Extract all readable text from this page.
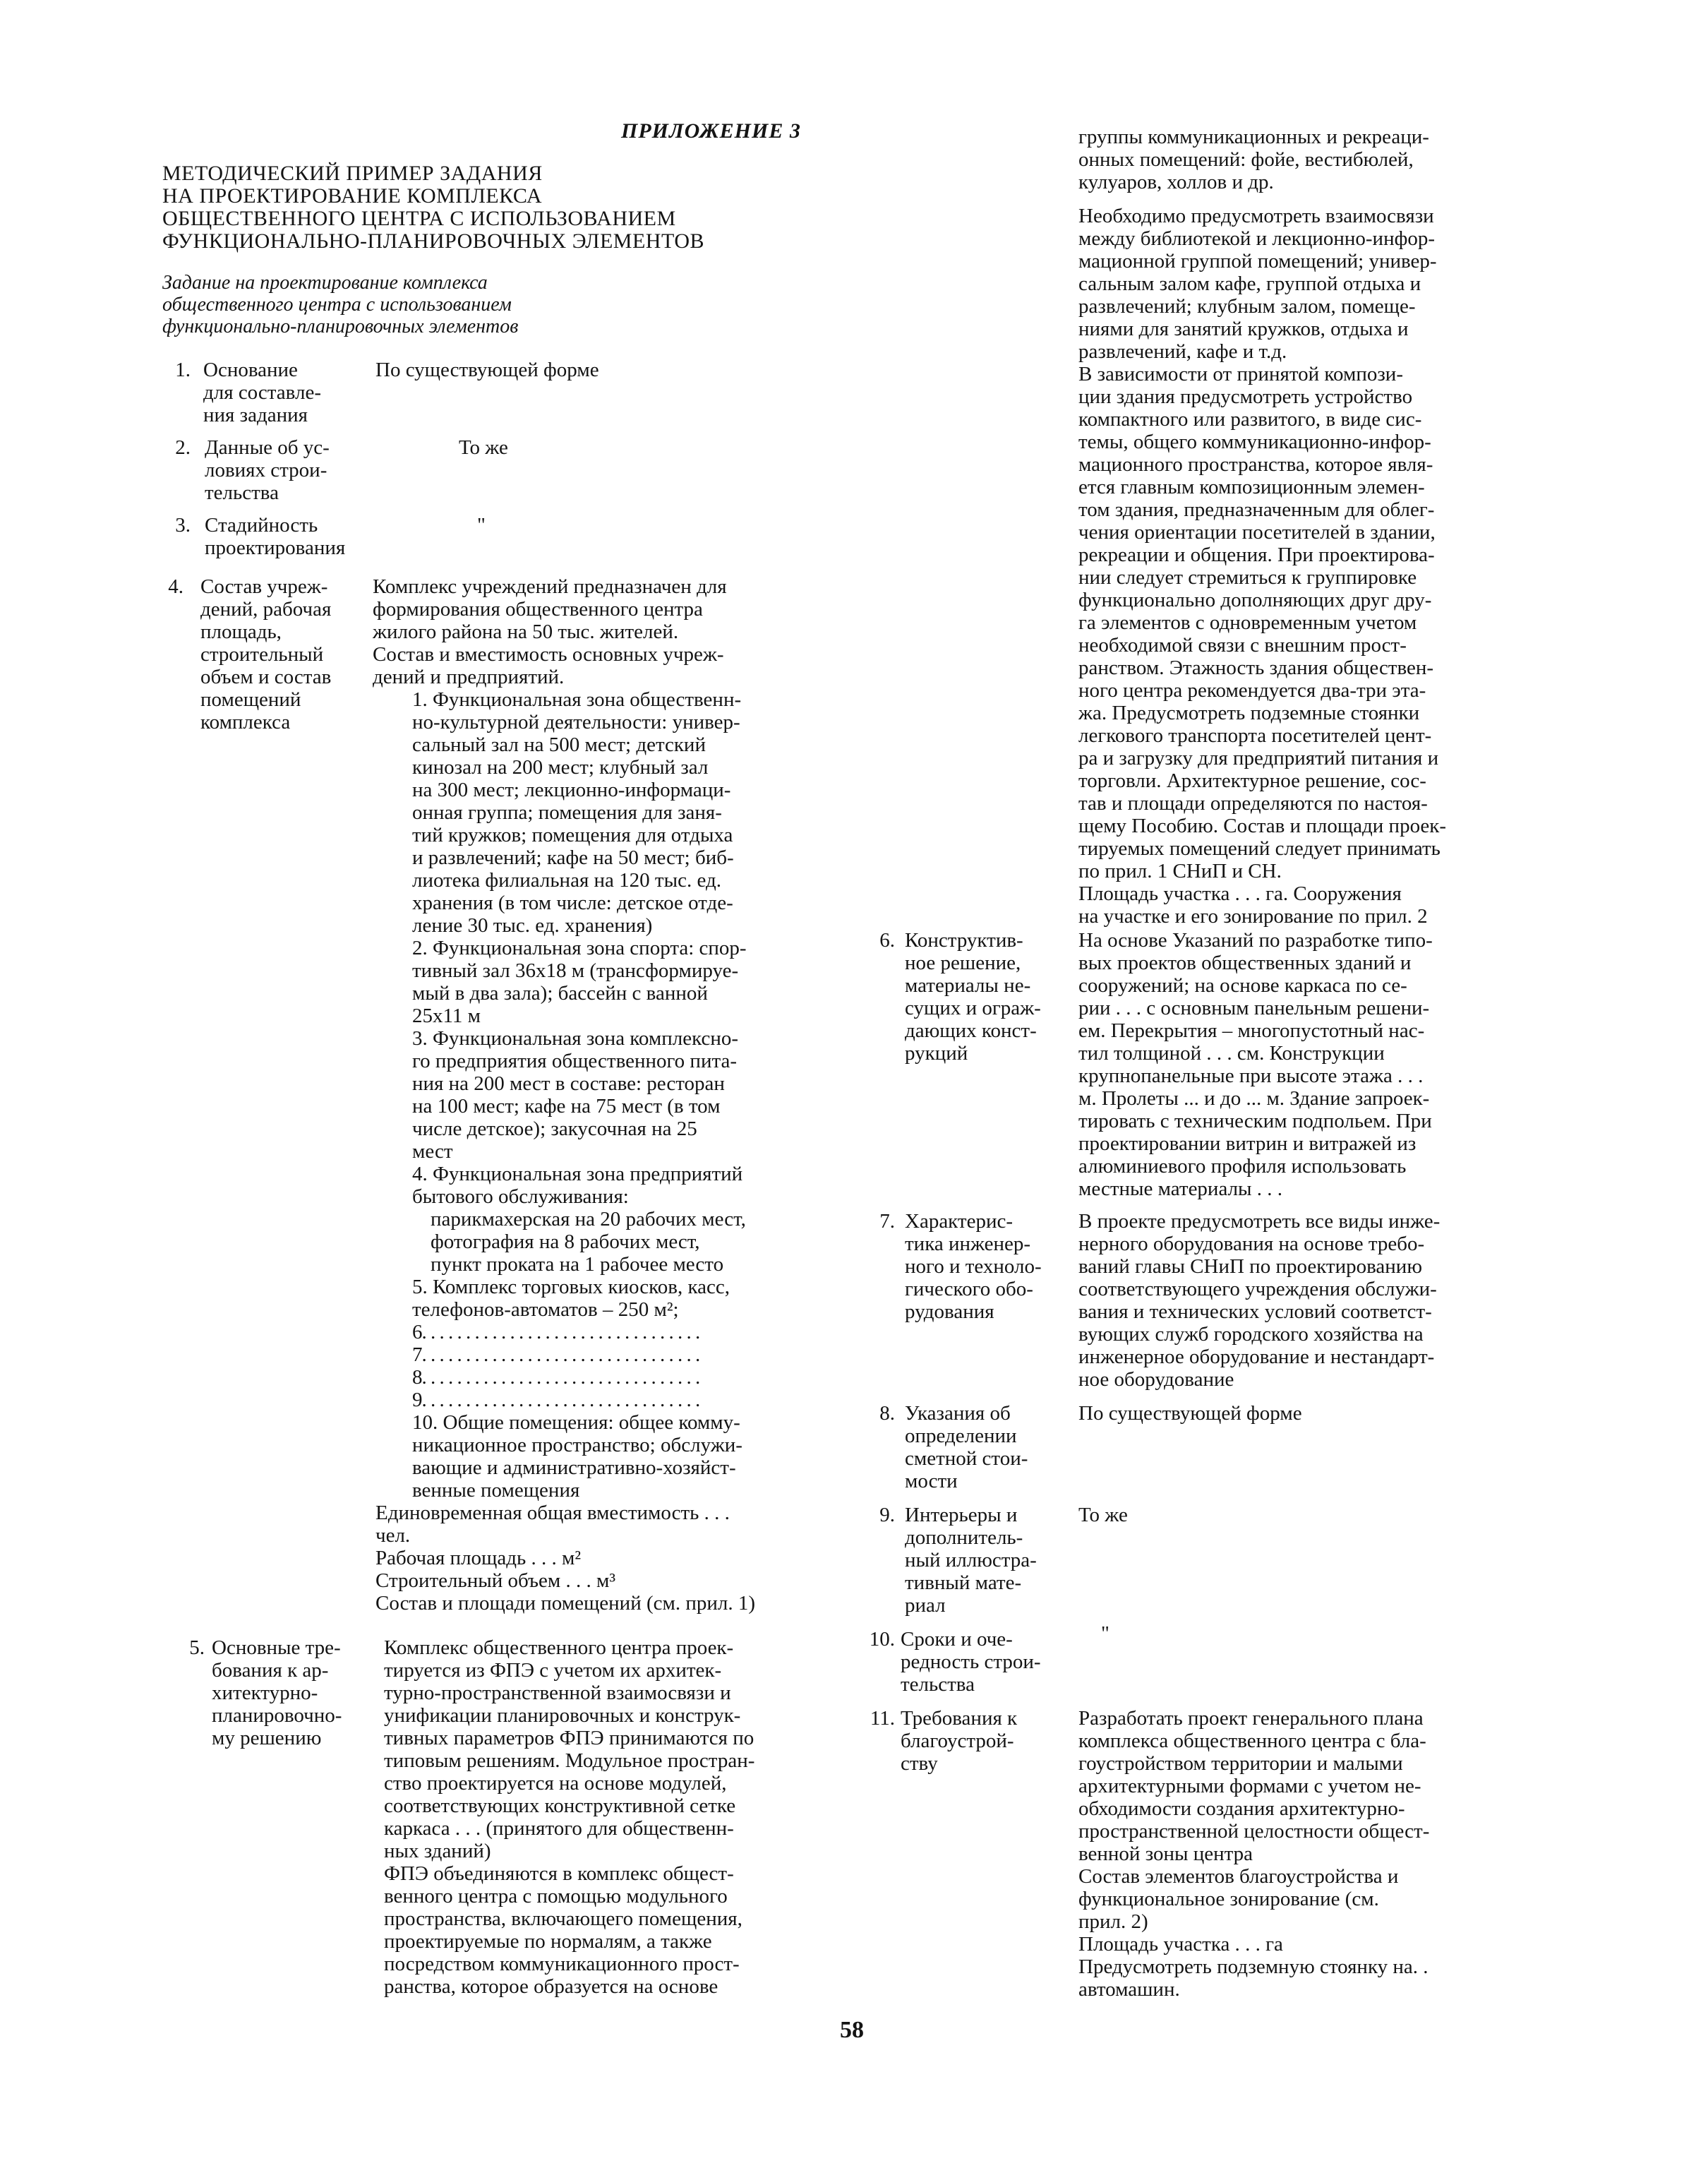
ПРИЛОЖЕНИЕ 3
МЕТОДИЧЕСКИЙ ПРИМЕР ЗАДАНИЯ
НА ПРОЕКТИРОВАНИЕ КОМПЛЕКСА
ОБЩЕСТВЕННОГО ЦЕНТРА С ИСПОЛЬЗОВАНИЕМ
ФУНКЦИОНАЛЬНО-ПЛАНИРОВОЧНЫХ ЭЛЕМЕНТОВ
Задание на проектирование комплекса
общественного центра с использованием
функционально-планировочных элементов
1. Основание
для составле-
ния задания
По существующей форме
2. Данные об ус-
ловиях строи-
тельства
То же
3. Стадийность
проектирования
"
4. Состав учреж-
дений, рабочая
площадь,
строительный
объем и состав
помещений
комплекса
Комплекс учреждений предназначен для
формирования общественного центра
жилого района на 50 тыс. жителей.
Состав и вместимость основных учреж-
дений и предприятий.
1. Функциональная зона общественн-
но-культурной деятельности: универ-
сальный зал на 500 мест; детский
кинозал на 200 мест; клубный зал
на 300 мест; лекционно-информаци-
онная группа; помещения для заня-
тий кружков; помещения для отдыха
и развлечений; кафе на 50 мест; биб-
лиотека филиальная на 120 тыс. ед.
хранения (в том числе: детское отде-
ление 30 тыс. ед. хранения)
2. Функциональная зона спорта: спор-
тивный зал 36x18 м (трансформируе-
мый в два зала); бассейн с ванной
25x11 м
3. Функциональная зона комплексно-
го предприятия общественного пита-
ния на 200 мест в составе: ресторан
на 100 мест; кафе на 75 мест (в том
числе детское); закусочная на 25
мест
4. Функциональная зона предприятий
бытового обслуживания:
парикмахерская на 20 рабочих мест,
фотография на 8 рабочих мест,
пункт проката на 1 рабочее место
5. Комплекс торговых киосков, касс,
телефонов-автоматов – 250 м²;
6. . . . . . . . . . . . . . . . . . . . . . . . . . . . . . . .
7. . . . . . . . . . . . . . . . . . . . . . . . . . . . . . . .
8. . . . . . . . . . . . . . . . . . . . . . . . . . . . . . . .
9. . . . . . . . . . . . . . . . . . . . . . . . . . . . . . . .
10. Общие помещения: общее комму-
никационное пространство; обслужи-
вающие и административно-хозяйст-
венные помещения
Единовременная общая вместимость . . .
чел.
Рабочая площадь . . . м²
Строительный объем . . . м³
Состав и площади помещений (см. прил. 1)
5. Основные тре-
бования к ар-
хитектурно-
планировочно-
му решению
Комплекс общественного центра проек-
тируется из ФПЭ с учетом их архитек-
турно-пространственной взаимосвязи и
унификации планировочных и конструк-
тивных параметров ФПЭ принимаются по
типовым решениям. Модульное простран-
ство проектируется на основе модулей,
соответствующих конструктивной сетке
каркаса . . . (принятого для общественн-
ных зданий)
ФПЭ объединяются в комплекс общест-
венного центра с помощью модульного
пространства, включающего помещения,
проектируемые по нормалям, а также
посредством коммуникационного прост-
ранства, которое образуется на основе
группы коммуникационных и рекреаци-
онных помещений: фойе, вестибюлей,
кулуаров, холлов и др.
Необходимо предусмотреть взаимосвязи
между библиотекой и лекционно-инфор-
мационной группой помещений; универ-
сальным залом кафе, группой отдыха и
развлечений; клубным залом, помеще-
ниями для занятий кружков, отдыха и
развлечений, кафе и т.д.
В зависимости от принятой компози-
ции здания предусмотреть устройство
компактного или развитого, в виде сис-
темы, общего коммуникационно-инфор-
мационного пространства, которое явля-
ется главным композиционным элемен-
том здания, предназначенным для облег-
чения ориентации посетителей в здании,
рекреации и общения. При проектирова-
нии следует стремиться к группировке
функционально дополняющих друг дру-
га элементов с одновременным учетом
необходимой связи с внешним прост-
ранством. Этажность здания обществен-
ного центра рекомендуется два-три эта-
жа. Предусмотреть подземные стоянки
легкового транспорта посетителей цент-
ра и загрузку для предприятий питания и
торговли. Архитектурное решение, сос-
тав и площади определяются по настоя-
щему Пособию. Состав и площади проек-
тируемых помещений следует принимать
по прил. 1 СНиП и СН.
Площадь участка . . . га. Сооружения
на участке и его зонирование по прил. 2
6. Конструктив-
ное решение,
материалы не-
сущих и ограж-
дающих конст-
рукций
На основе Указаний по разработке типо-
вых проектов общественных зданий и
сооружений; на основе каркаса по се-
рии . . . с основным панельным решени-
ем. Перекрытия – многопустотный нас-
тил толщиной . . . см. Конструкции
крупнопанельные при высоте этажа . . .
м. Пролеты ... и до ... м. Здание запроек-
тировать с техническим подпольем. При
проектировании витрин и витражей из
алюминиевого профиля использовать
местные материалы . . .
7. Характерис-
тика инженер-
ного и техноло-
гического обо-
рудования
В проекте предусмотреть все виды инже-
нерного оборудования на основе требо-
ваний главы СНиП по проектированию
соответствующего учреждения обслужи-
вания и технических условий соответст-
вующих служб городского хозяйства на
инженерное оборудование и нестандарт-
ное оборудование
8. Указания об
определении
сметной стои-
мости
По существующей форме
9. Интерьеры и
дополнитель-
ный иллюстра-
тивный мате-
риал
То же
10. Сроки и оче-
редность строи-
тельства
"
11. Требования к
благоустрой-
ству
Разработать проект генерального плана
комплекса общественного центра с бла-
гоустройством территории и малыми
архитектурными формами с учетом не-
обходимости создания архитектурно-
пространственной целостности общест-
венной зоны центра
Состав элементов благоустройства и
функциональное зонирование (см.
прил. 2)
Площадь участка . . . га
Предусмотреть подземную стоянку на. .
автомашин.
58
